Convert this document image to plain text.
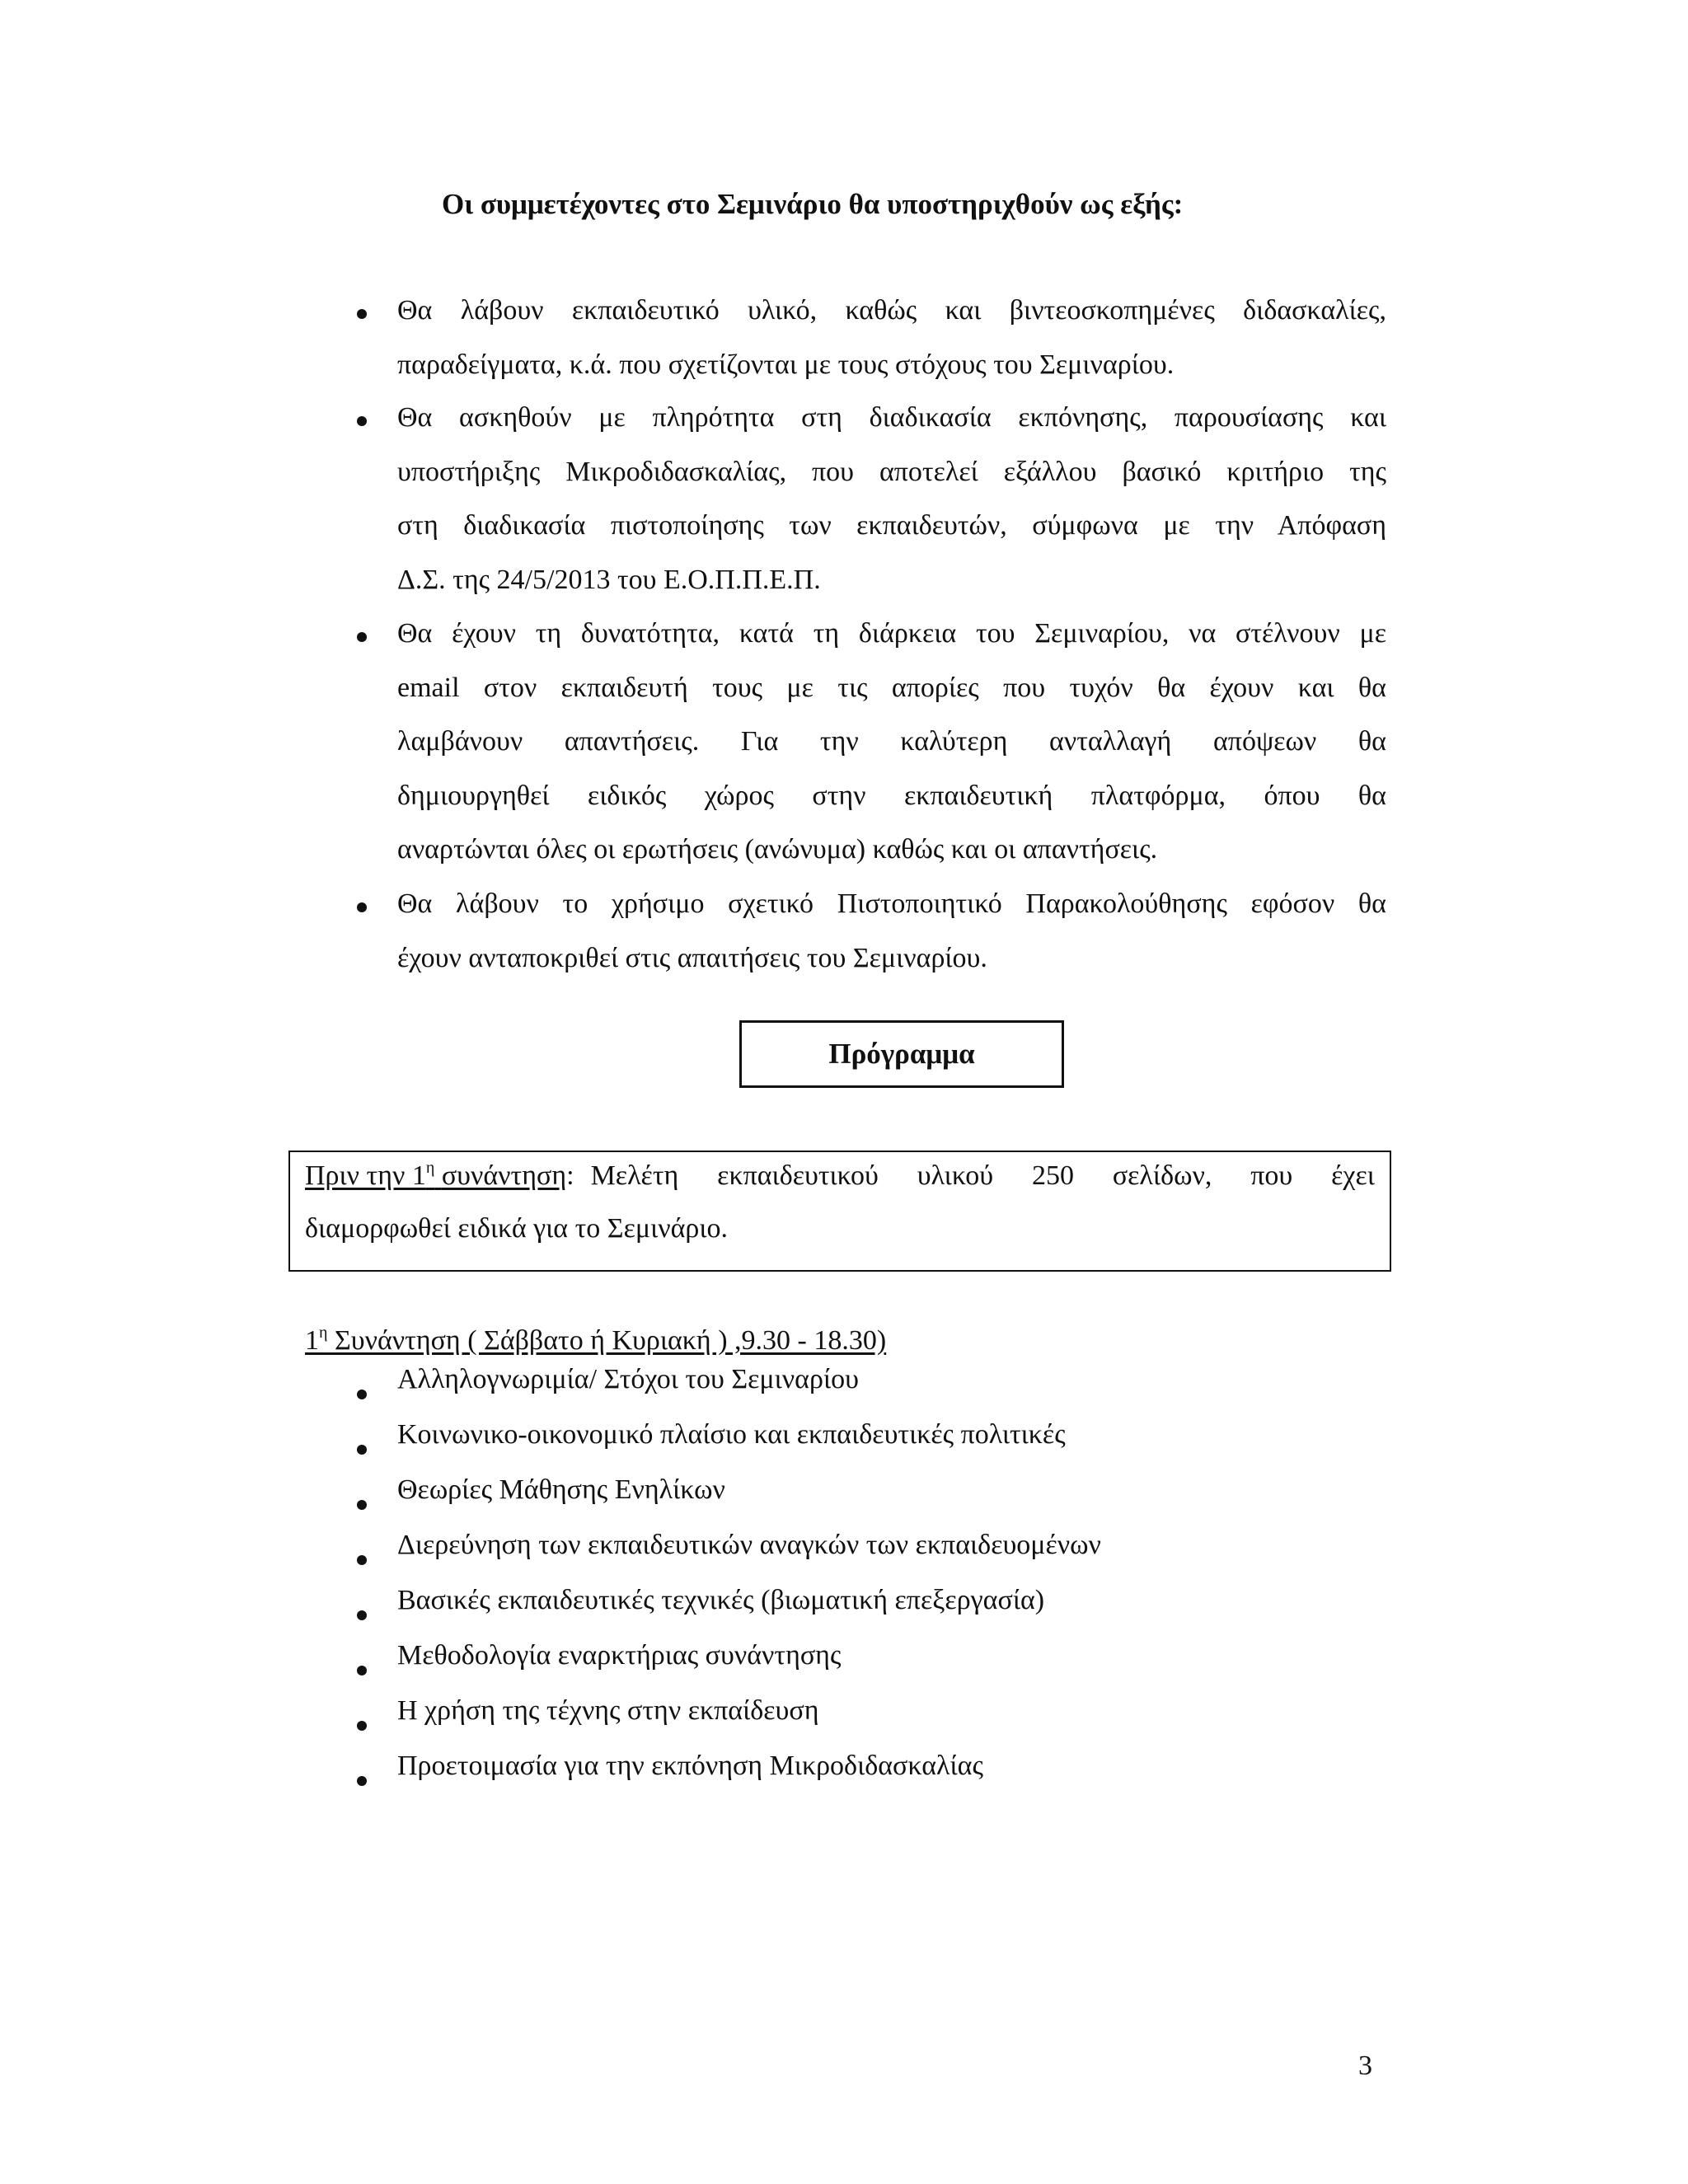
Οι συμμετέχοντες στο Σεμινάριο θα υποστηριχθούν ως εξής:
Θα λάβουν εκπαιδευτικό υλικό, καθώς και βιντεοσκοπημένες διδασκαλίες,
παραδείγματα, κ.ά. που σχετίζονται με τους στόχους του Σεμιναρίου.
Θα ασκηθούν με πληρότητα στη διαδικασία εκπόνησης, παρουσίασης και
υποστήριξης Μικροδιδασκαλίας, που αποτελεί εξάλλου βασικό κριτήριο της
στη διαδικασία πιστοποίησης των εκπαιδευτών, σύμφωνα με την Απόφαση
Δ.Σ. της 24/5/2013 του Ε.Ο.Π.Π.Ε.Π.
Θα έχουν τη δυνατότητα, κατά τη διάρκεια του Σεμιναρίου, να στέλνουν με
email στον εκπαιδευτή τους με τις απορίες που τυχόν θα έχουν και θα
λαμβάνουν απαντήσεις. Για την καλύτερη ανταλλαγή απόψεων θα
δημιουργηθεί ειδικός χώρος στην εκπαιδευτική πλατφόρμα, όπου θα
αναρτώνται όλες οι ερωτήσεις (ανώνυμα) καθώς και οι απαντήσεις.
Θα λάβουν το χρήσιμο σχετικό Πιστοποιητικό Παρακολούθησης εφόσον θα
έχουν ανταποκριθεί στις απαιτήσεις του Σεμιναρίου.
Πρόγραμμα
Πριν την $1^\eta$ συνάντηση : Μελέτη εκπαιδευτικού υλικού 250 σελίδων, που έχει
διαμορφωθεί ειδικά για το Σεμινάριο.
$1^\eta$ Συνάντηση ( Σάββατο ή Κυριακή ) ,9.30 - 18.30)
Αλληλογνωριμία/ Στόχοι του Σεμιναρίου
Κοινωνικο-οικονομικό πλαίσιο και εκπαιδευτικές πολιτικές
Θεωρίες Μάθησης Ενηλίκων
Διερεύνηση των εκπαιδευτικών αναγκών των εκπαιδευομένων
Βασικές εκπαιδευτικές τεχνικές (βιωματική επεξεργασία)
Μεθοδολογία εναρκτήριας συνάντησης
Η χρήση της τέχνης στην εκπαίδευση
Προετοιμασία για την εκπόνηση Μικροδιδασκαλίας
3
